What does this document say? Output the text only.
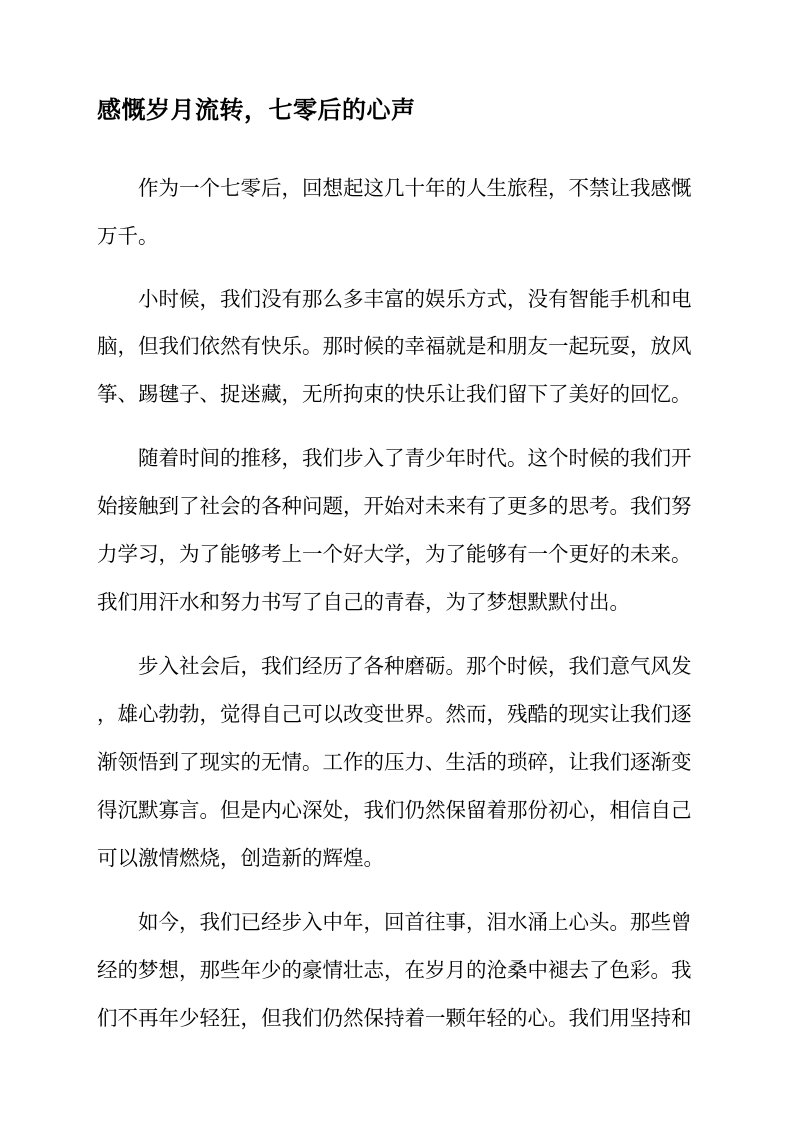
感慨岁月流转，七零后的心声

作为一个七零后，回想起这几十年的人生旅程，不禁让我感慨

万千。

小时候，我们没有那么多丰富的娱乐方式，没有智能手机和电

脑，但我们依然有快乐。那时候的幸福就是和朋友一起玩耍，放风

筝、踢毽子、捉迷藏，无所拘束的快乐让我们留下了美好的回忆。

随着时间的推移，我们步入了青少年时代。这个时候的我们开

始接触到了社会的各种问题，开始对未来有了更多的思考。我们努

力学习，为了能够考上一个好大学，为了能够有一个更好的未来。

我们用汗水和努力书写了自己的青春，为了梦想默默付出。

步入社会后，我们经历了各种磨砺。那个时候，我们意气风发

，雄心勃勃，觉得自己可以改变世界。然而，残酷的现实让我们逐

渐领悟到了现实的无情。工作的压力、生活的琐碎，让我们逐渐变

得沉默寡言。但是内心深处，我们仍然保留着那份初心，相信自己

可以激情燃烧，创造新的辉煌。

如今，我们已经步入中年，回首往事，泪水涌上心头。那些曾

经的梦想，那些年少的豪情壮志，在岁月的沧桑中褪去了色彩。我

们不再年少轻狂，但我们仍然保持着一颗年轻的心。我们用坚持和
